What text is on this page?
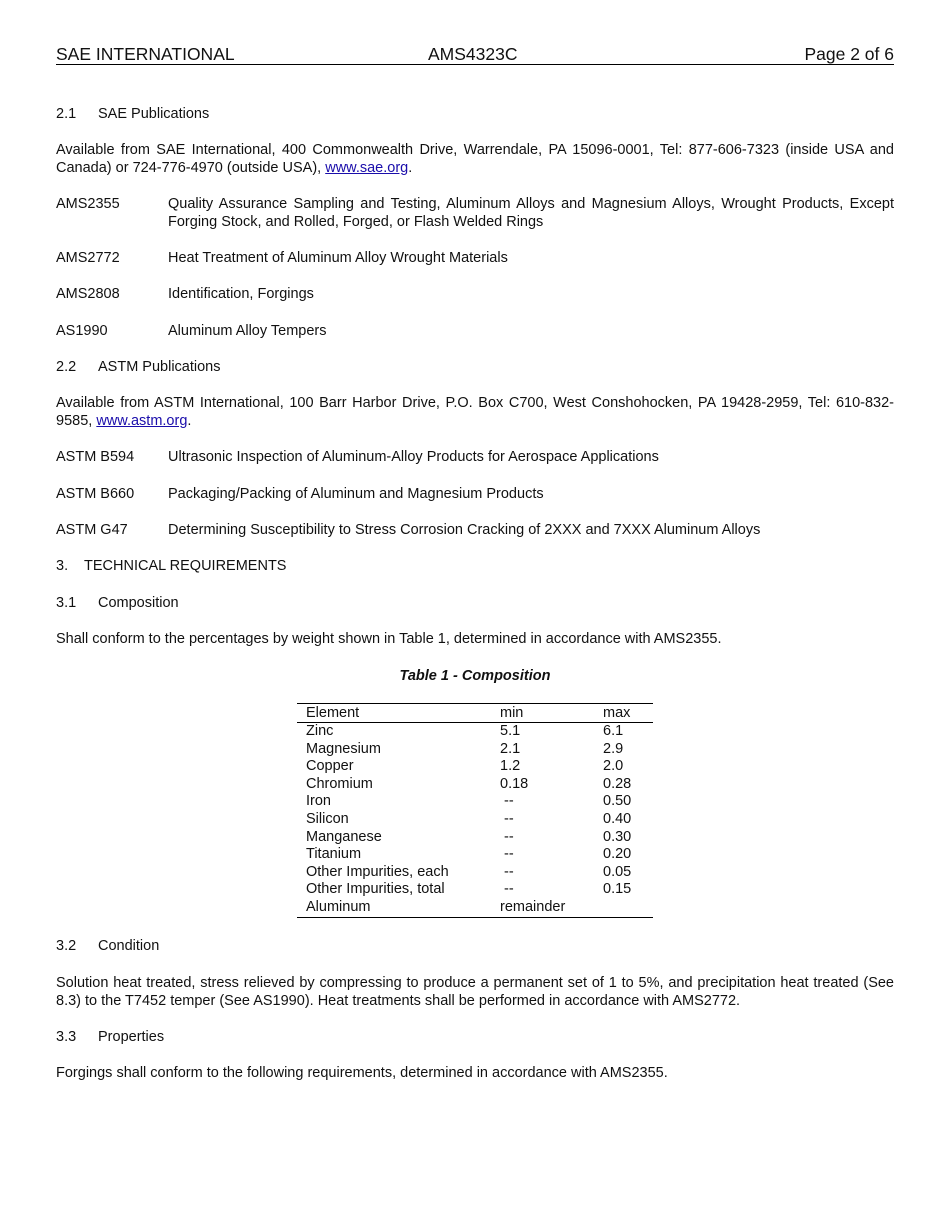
SAE INTERNATIONAL	AMS4323C	Page 2 of 6
2.1 SAE Publications
Available from SAE International, 400 Commonwealth Drive, Warrendale, PA 15096-0001, Tel: 877-606-7323 (inside USA and Canada) or 724-776-4970 (outside USA), www.sae.org.
AMS2355	Quality Assurance Sampling and Testing, Aluminum Alloys and Magnesium Alloys, Wrought Products, Except Forging Stock, and Rolled, Forged, or Flash Welded Rings
AMS2772	Heat Treatment of Aluminum Alloy Wrought Materials
AMS2808	Identification, Forgings
AS1990	Aluminum Alloy Tempers
2.2 ASTM Publications
Available from ASTM International, 100 Barr Harbor Drive, P.O. Box C700, West Conshohocken, PA 19428-2959, Tel: 610-832-9585, www.astm.org.
ASTM B594	Ultrasonic Inspection of Aluminum-Alloy Products for Aerospace Applications
ASTM B660	Packaging/Packing of Aluminum and Magnesium Products
ASTM G47	Determining Susceptibility to Stress Corrosion Cracking of 2XXX and 7XXX Aluminum Alloys
3. TECHNICAL REQUIREMENTS
3.1 Composition
Shall conform to the percentages by weight shown in Table 1, determined in accordance with AMS2355.
Table 1 - Composition
Element	min	max
Zinc	5.1	6.1
Magnesium	2.1	2.9
Copper	1.2	2.0
Chromium	0.18	0.28
Iron	--	0.50
Silicon	--	0.40
Manganese	--	0.30
Titanium	--	0.20
Other Impurities, each	--	0.05
Other Impurities, total	--	0.15
Aluminum	remainder	
3.2 Condition
Solution heat treated, stress relieved by compressing to produce a permanent set of 1 to 5%, and precipitation heat treated (See 8.3) to the T7452 temper (See AS1990). Heat treatments shall be performed in accordance with AMS2772.
3.3 Properties
Forgings shall conform to the following requirements, determined in accordance with AMS2355.
